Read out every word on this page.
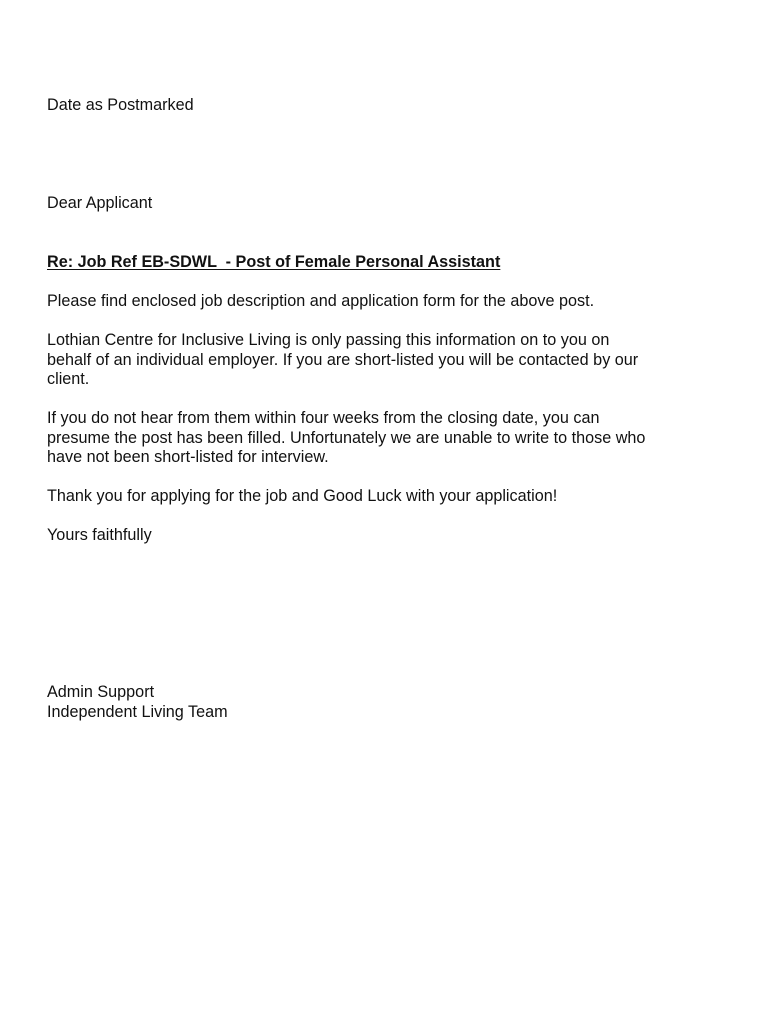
Date as Postmarked
Dear Applicant
Re: Job Ref EB-SDWL  - Post of Female Personal Assistant
Please find enclosed job description and application form for the above post.
Lothian Centre for Inclusive Living is only passing this information on to you on
behalf of an individual employer. If you are short-listed you will be contacted by our
client.
If you do not hear from them within four weeks from the closing date, you can
presume the post has been filled. Unfortunately we are unable to write to those who
have not been short-listed for interview.
Thank you for applying for the job and Good Luck with your application!
Yours faithfully
Admin Support
Independent Living Team
